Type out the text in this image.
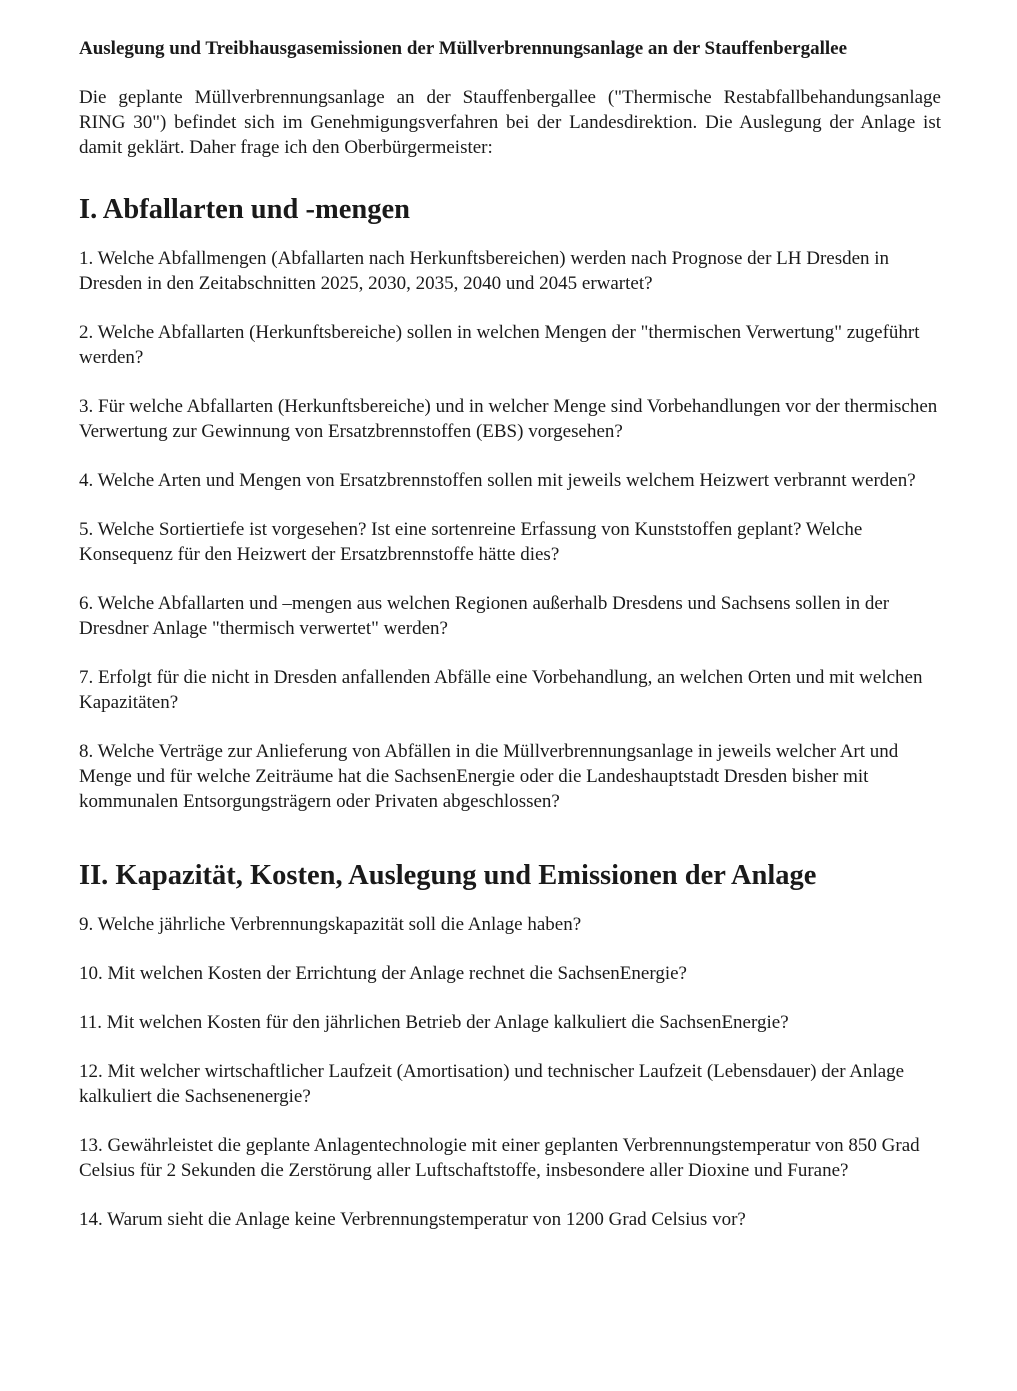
Auslegung und Treibhausgasemissionen der Müllverbrennungsanlage an der Stauffenbergallee

Die geplante Müllverbrennungsanlage an der Stauffenbergallee ("Thermische Restabfallbehandungsanlage RING 30") befindet sich im Genehmigungsverfahren bei der Landesdirektion. Die Auslegung der Anlage ist damit geklärt. Daher frage ich den Oberbürgermeister:

I. Abfallarten und -mengen

1. Welche Abfallmengen (Abfallarten nach Herkunftsbereichen) werden nach Prognose der LH Dresden in Dresden in den Zeitabschnitten 2025, 2030, 2035, 2040 und 2045 erwartet?

2. Welche Abfallarten (Herkunftsbereiche) sollen in welchen Mengen der "thermischen Verwertung" zugeführt werden?

3. Für welche Abfallarten (Herkunftsbereiche) und in welcher Menge sind Vorbehandlungen vor der thermischen Verwertung zur Gewinnung von Ersatzbrennstoffen (EBS) vorgesehen?

4. Welche Arten und Mengen von Ersatzbrennstoffen sollen mit jeweils welchem Heizwert verbrannt werden?

5. Welche Sortiertiefe ist vorgesehen? Ist eine sortenreine Erfassung von Kunststoffen geplant? Welche Konsequenz für den Heizwert der Ersatzbrennstoffe hätte dies?

6. Welche Abfallarten und –mengen aus welchen Regionen außerhalb Dresdens und Sachsens sollen in der Dresdner Anlage "thermisch verwertet" werden?

7. Erfolgt für die nicht in Dresden anfallenden Abfälle eine Vorbehandlung, an welchen Orten und mit welchen Kapazitäten?

8. Welche Verträge zur Anlieferung von Abfällen in die Müllverbrennungsanlage in jeweils welcher Art und Menge und für welche Zeiträume hat die SachsenEnergie oder die Landeshauptstadt Dresden bisher mit kommunalen Entsorgungsträgern oder Privaten abgeschlossen?

II. Kapazität, Kosten, Auslegung und Emissionen der Anlage

9. Welche jährliche Verbrennungskapazität soll die Anlage haben?

10. Mit welchen Kosten der Errichtung der Anlage rechnet die SachsenEnergie?

11. Mit welchen Kosten für den jährlichen Betrieb der Anlage kalkuliert die SachsenEnergie?

12. Mit welcher wirtschaftlicher Laufzeit (Amortisation) und technischer Laufzeit (Lebensdauer) der Anlage kalkuliert die Sachsenenergie?

13. Gewährleistet die geplante Anlagentechnologie mit einer geplanten Verbrennungstemperatur von 850 Grad Celsius für 2 Sekunden die Zerstörung aller Luftschaftstoffe, insbesondere aller Dioxine und Furane?

14. Warum sieht die Anlage keine Verbrennungstemperatur von 1200 Grad Celsius vor?
